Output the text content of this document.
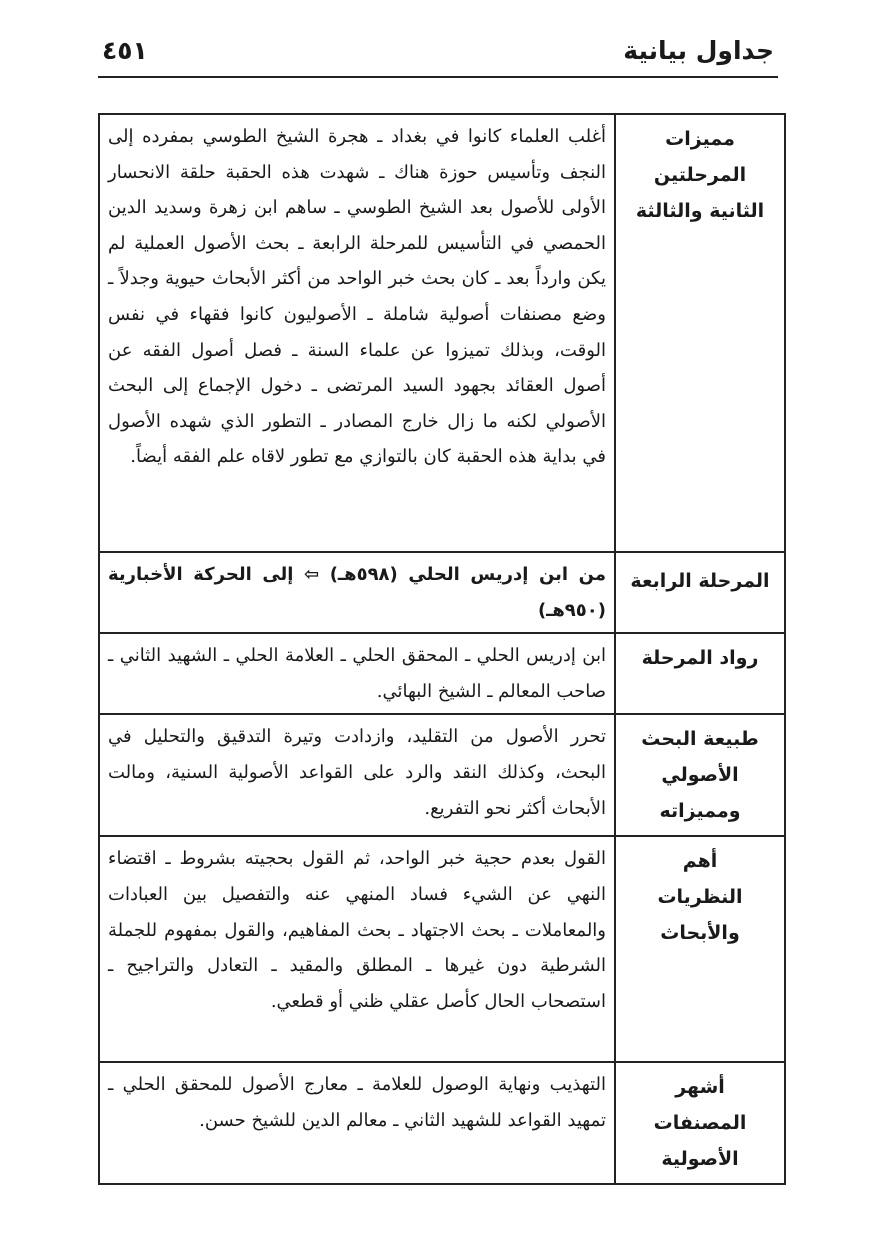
جداول بيانية
٤٥١
مميزات المرحلتين الثانية والثالثة	أغلب العلماء كانوا في بغداد ـ هجرة الشيخ الطوسي بمفرده إلى النجف وتأسيس حوزة هناك ـ شهدت هذه الحقبة حلقة الانحسار الأولى للأصول بعد الشيخ الطوسي ـ ساهم ابن زهرة وسديد الدين الحمصي في التأسيس للمرحلة الرابعة ـ بحث الأصول العملية لم يكن وارداً بعد ـ كان بحث خبر الواحد من أكثر الأبحاث حيوية وجدلاً ـ وضع مصنفات أصولية شاملة ـ الأصوليون كانوا فقهاء في نفس الوقت، وبذلك تميزوا عن علماء السنة ـ فصل أصول الفقه عن أصول العقائد بجهود السيد المرتضى ـ دخول الإجماع إلى البحث الأصولي لكنه ما زال خارج المصادر ـ التطور الذي شهده الأصول في بداية هذه الحقبة كان بالتوازي مع تطور لاقاه علم الفقه أيضاً.

المرحلة الرابعة	من ابن إدريس الحلي (٥٩٨هـ) ⇦ إلى الحركة الأخبارية (٩٥٠هـ)

رواد المرحلة	ابن إدريس الحلي ـ المحقق الحلي ـ العلامة الحلي ـ الشهيد الثاني ـ صاحب المعالم ـ الشيخ البهائي.

طبيعة البحث الأصولي ومميزاته	تحرر الأصول من التقليد، وازدادت وتيرة التدقيق والتحليل في البحث، وكذلك النقد والرد على القواعد الأصولية السنية، ومالت الأبحاث أكثر نحو التفريع.

أهم النظريات والأبحاث	القول بعدم حجية خبر الواحد، ثم القول بحجيته بشروط ـ اقتضاء النهي عن الشيء فساد المنهي عنه والتفصيل بين العبادات والمعاملات ـ بحث الاجتهاد ـ بحث المفاهيم، والقول بمفهوم للجملة الشرطية دون غيرها ـ المطلق والمقيد ـ التعادل والتراجيح ـ استصحاب الحال كأصل عقلي ظني أو قطعي.

أشهر المصنفات الأصولية	التهذيب ونهاية الوصول للعلامة ـ معارج الأصول للمحقق الحلي ـ تمهيد القواعد للشهيد الثاني ـ معالم الدين للشيخ حسن.
